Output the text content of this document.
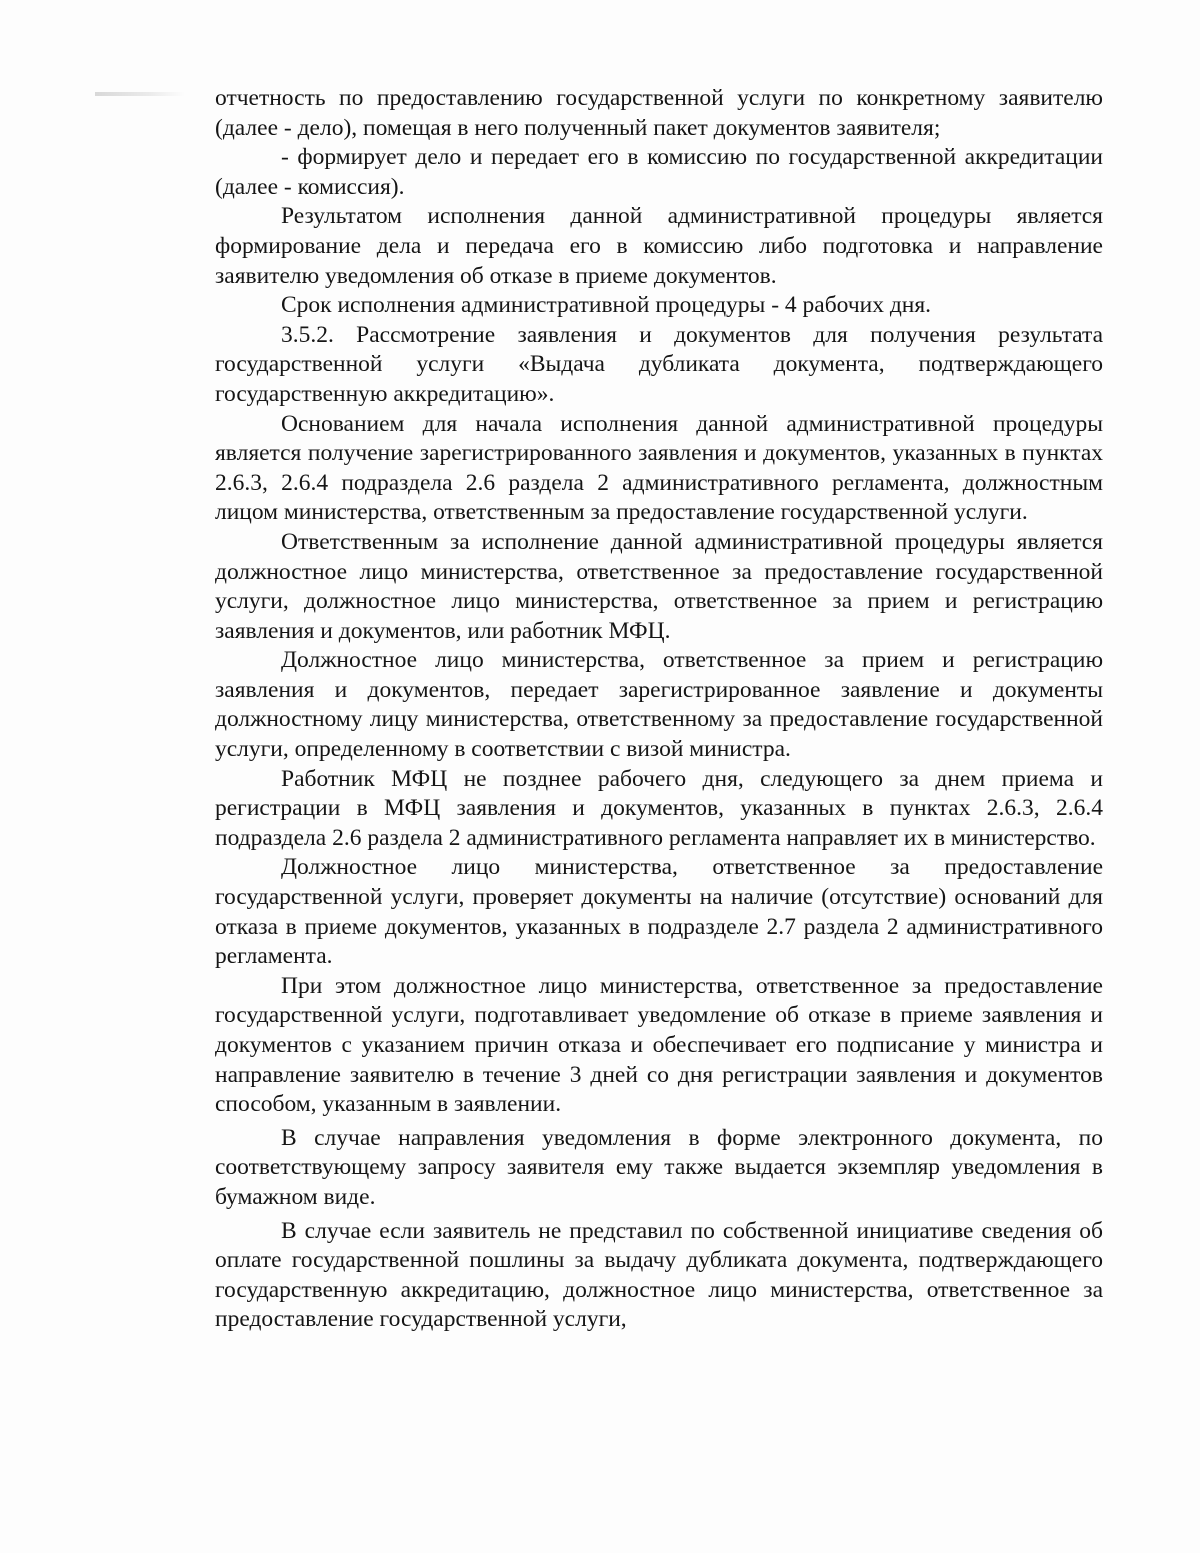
отчетность по предоставлению государственной услуги по конкретному заявителю (далее - дело), помещая в него полученный пакет документов заявителя;

- формирует дело и передает его в комиссию по государственной аккредитации (далее - комиссия).

Результатом исполнения данной административной процедуры является формирование дела и передача его в комиссию либо подготовка и направление заявителю уведомления об отказе в приеме документов.

Срок исполнения административной процедуры - 4 рабочих дня.

3.5.2. Рассмотрение заявления и документов для получения результата государственной услуги «Выдача дубликата документа, подтверждающего государственную аккредитацию».

Основанием для начала исполнения данной административной процедуры является получение зарегистрированного заявления и документов, указанных в пунктах 2.6.3, 2.6.4 подраздела 2.6 раздела 2 административного регламента, должностным лицом министерства, ответственным за предоставление государственной услуги.

Ответственным за исполнение данной административной процедуры является должностное лицо министерства, ответственное за предоставление государственной услуги, должностное лицо министерства, ответственное за прием и регистрацию заявления и документов, или работник МФЦ.

Должностное лицо министерства, ответственное за прием и регистрацию заявления и документов, передает зарегистрированное заявление и документы должностному лицу министерства, ответственному за предоставление государственной услуги, определенному в соответствии с визой министра.

Работник МФЦ не позднее рабочего дня, следующего за днем приема и регистрации в МФЦ заявления и документов, указанных в пунктах 2.6.3, 2.6.4 подраздела 2.6 раздела 2 административного регламента направляет их в министерство.

Должностное лицо министерства, ответственное за предоставление государственной услуги, проверяет документы на наличие (отсутствие) оснований для отказа в приеме документов, указанных в подразделе 2.7 раздела 2 административного регламента.

При этом должностное лицо министерства, ответственное за предоставление государственной услуги, подготавливает уведомление об отказе в приеме заявления и документов с указанием причин отказа и обеспечивает его подписание у министра и направление заявителю в течение 3 дней со дня регистрации заявления и документов способом, указанным в заявлении.

В случае направления уведомления в форме электронного документа, по соответствующему запросу заявителя ему также выдается экземпляр уведомления в бумажном виде.

В случае если заявитель не представил по собственной инициативе сведения об оплате государственной пошлины за выдачу дубликата документа, подтверждающего государственную аккредитацию, должностное лицо министерства, ответственное за предоставление государственной услуги,
